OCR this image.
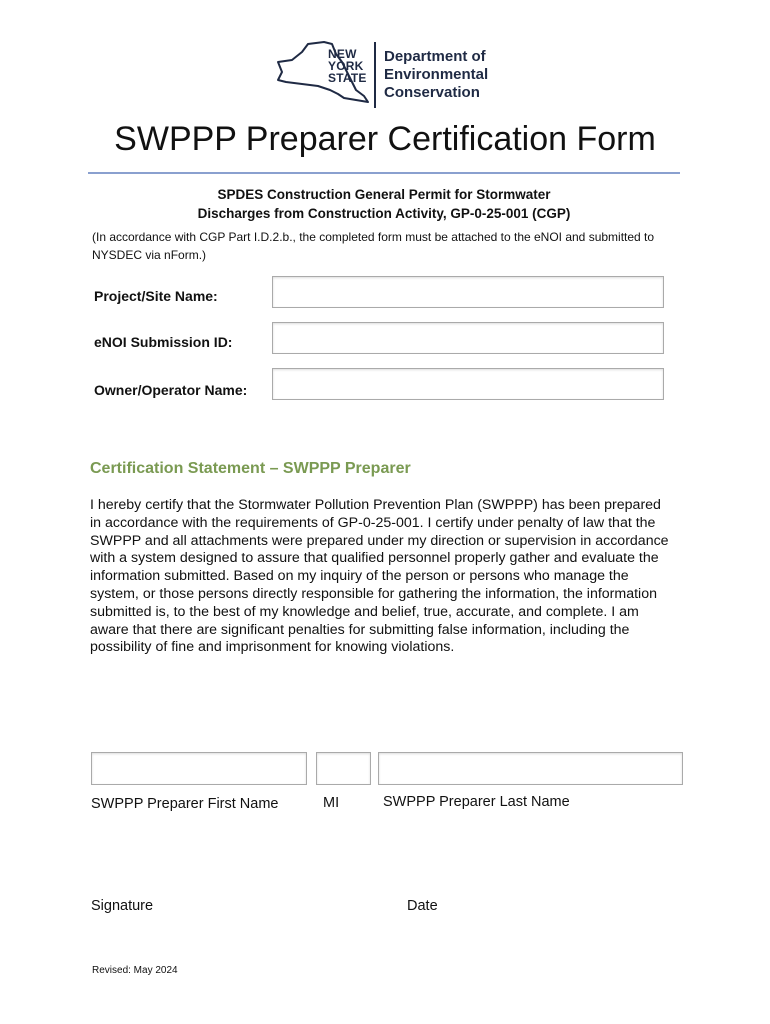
NEW
YORK
STATE
Department of
Environmental
Conservation
SWPPP Preparer Certification Form
SPDES Construction General Permit for Stormwater
Discharges from Construction Activity, GP-0-25-001 (CGP)
(In accordance with CGP Part I.D.2.b., the completed form must be attached to the eNOI and submitted to NYSDEC via nForm.)
Project/Site Name:
eNOI Submission ID:
Owner/Operator Name:
Certification Statement – SWPPP Preparer
I hereby certify that the Stormwater Pollution Prevention Plan (SWPPP) has been prepared in accordance with the requirements of GP-0-25-001. I certify under penalty of law that the SWPPP and all attachments were prepared under my direction or supervision in accordance with a system designed to assure that qualified personnel properly gather and evaluate the information submitted. Based on my inquiry of the person or persons who manage the system, or those persons directly responsible for gathering the information, the information submitted is, to the best of my knowledge and belief, true, accurate, and complete. I am aware that there are significant penalties for submitting false information, including the possibility of fine and imprisonment for knowing violations.
SWPPP Preparer First Name	MI	SWPPP Preparer Last Name
Signature	Date
Revised: May 2024
